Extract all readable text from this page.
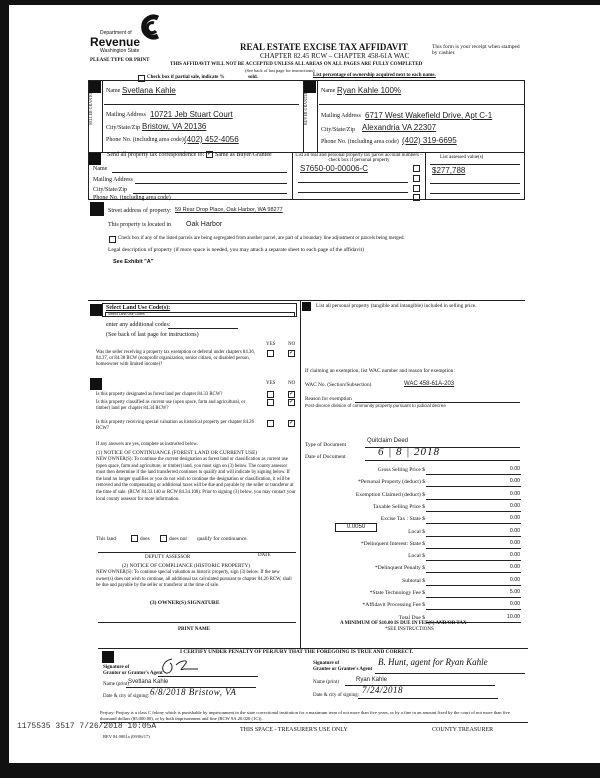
Department of
Revenue
Washington State	REAL ESTATE EXCISE TAX AFFIDAVIT
CHAPTER 82.45 RCW – CHAPTER 458-61A WAC
PLEASE TYPE OR PRINT
THIS AFFIDAVIT WILL NOT BE ACCEPTED UNLESS ALL AREAS ON ALL PAGES ARE FULLY COMPLETED
(See back of last page for instructions)
This form is your receipt when stamped by cashier.
Check box if partial sale, indicate %	sold.	List percentage of ownership acquired next to each name.
SELLER GRANTOR	BUYER GRANTEE
Name Svetlana Kahle
Mailing Address 10721 Jeb Stuart Court
City/State/Zip Bristow, VA 20136
Phone No. (including area code) (402) 452-4056
Name Ryan Kahle 100%
Mailing Address 6717 West Wakefield Drive, Apt C-1
City/State/Zip Alexandria VA 22307
Phone No. (including area code) (402) 319-6695
Send all property tax correspondence to: ✓ Same as Buyer/Grantee
Name
Mailing Address
City/State/Zip
Phone No. (including area code)
List all real and personal property tax parcel account numbers – check box if personal property
List assessed value(s)
S7650-00-00006-C	$277,788
Street address of property: 59 Rear Drop Place, Oak Harbor, WA 98277
This property is located in Oak Harbor
Check box if any of the listed parcels are being segregated from another parcel, are part of a boundary line adjustment or parcels being merged.
Legal description of property (if more space is needed, you may attach a separate sheet to each page of the affidavit)
See Exhibit "A"
Select Land Use Code(s):
Select Land Use Codes
enter any additional codes:
(See back of last page for instructions)
YES	NO
Was the seller receiving a property tax exemption or deferral under chapters 84.36, 84.37, or 84.38 RCW (nonprofit organization, senior citizen, or disabled person, homeowner with limited income)?
✓
YES	NO
Is this property designated as forest land per chapter 84.33 RCW?	✓
Is this property classified as current use (open space, farm and agricultural, or timber) land per chapter 84.34 RCW?
✓
Is this property receiving special valuation as historical property per chapter 84.26 RCW?
✓
If any answers are yes, complete as instructed below.
(1) NOTICE OF CONTINUANCE (FOREST LAND OR CURRENT USE)
NEW OWNER(S): To continue the current designation as forest land or classification as current use (open space, farm and agriculture, or timber) land, you must sign on (3) below. The county assessor must then determine if the land transferred continues to qualify and will indicate by signing below. If the land no longer qualifies or you do not wish to continue the designation or classification, it will be removed and the compensating or additional taxes will be due and payable by the seller or transferor at the time of sale. (RCW 84.33.140 or RCW 84.34.108). Prior to signing (3) below, you may contact your local county assessor for more information.
This land	does	does not qualify for continuance.
DEPUTY ASSESSOR	DATE
(2) NOTICE OF COMPLIANCE (HISTORIC PROPERTY)
NEW OWNER(S): To continue special valuation as historic property, sign (3) below. If the new owner(s) does not wish to continue, all additional tax calculated pursuant to chapter 84.26 RCW, shall be due and payable by the seller or transferor at the time of sale.
(3) OWNER(S) SIGNATURE
PRINT NAME
List all personal property (tangible and intangible) included in selling price.
If claiming an exemption, list WAC number and reason for exemption:
WAC No. (Section/Subsection)	WAC 458-61A-203
Reason for exemption
Post-divorce division of community property pursuant to judicial decree
Type of Document
Quitclaim Deed
Date of Document	6 | 8 | 2018
Gross Selling Price $	0.00
*Personal Property (deduct) $	0.00
Exemption Claimed (deduct) $	0.00
Taxable Selling Price $	0.00
Excise Tax : State $	0.00
Local $	0.00
*Delinquent Interest: State $	0.00
Local $	0.00
*Delinquent Penalty $	0.00
Subtotal $	0.00
*State Technology Fee $	5.00
*Affidavit Processing Fee $	0.00
Total Due $	10.00
0.0050
A MINIMUM OF $10.00 IS DUE IN FEE(S) AND/OR TAX
*SEE INSTRUCTIONS
I CERTIFY UNDER PENALTY OF PERJURY THAT THE FOREGOING IS TRUE AND CORRECT.
Signature of
Grantor or Grantor's Agent
Name (print) Svetlana Kahle
Date & city of signing: 6/8/2018 Bristow, VA
Signature of
Grantee or Grantee's Agent
B. Hunt, agent for Ryan Kahle
Name (print)	Ryan Kahle
Date & city of signing:
7/24/2018
Perjury: Perjury is a class C felony which is punishable by imprisonment in the state correctional institution for a maximum term of not more than five years, or by a fine in an amount fixed by the court of not more than five thousand dollars ($5,000.00), or by both imprisonment and fine (RCW 9A.20.020 (1C)).
1175535 3517 7/26/2018 10:05A
REV 84 0001a (09/06/17)
THIS SPACE - TREASURER'S USE ONLY	COUNTY TREASURER
